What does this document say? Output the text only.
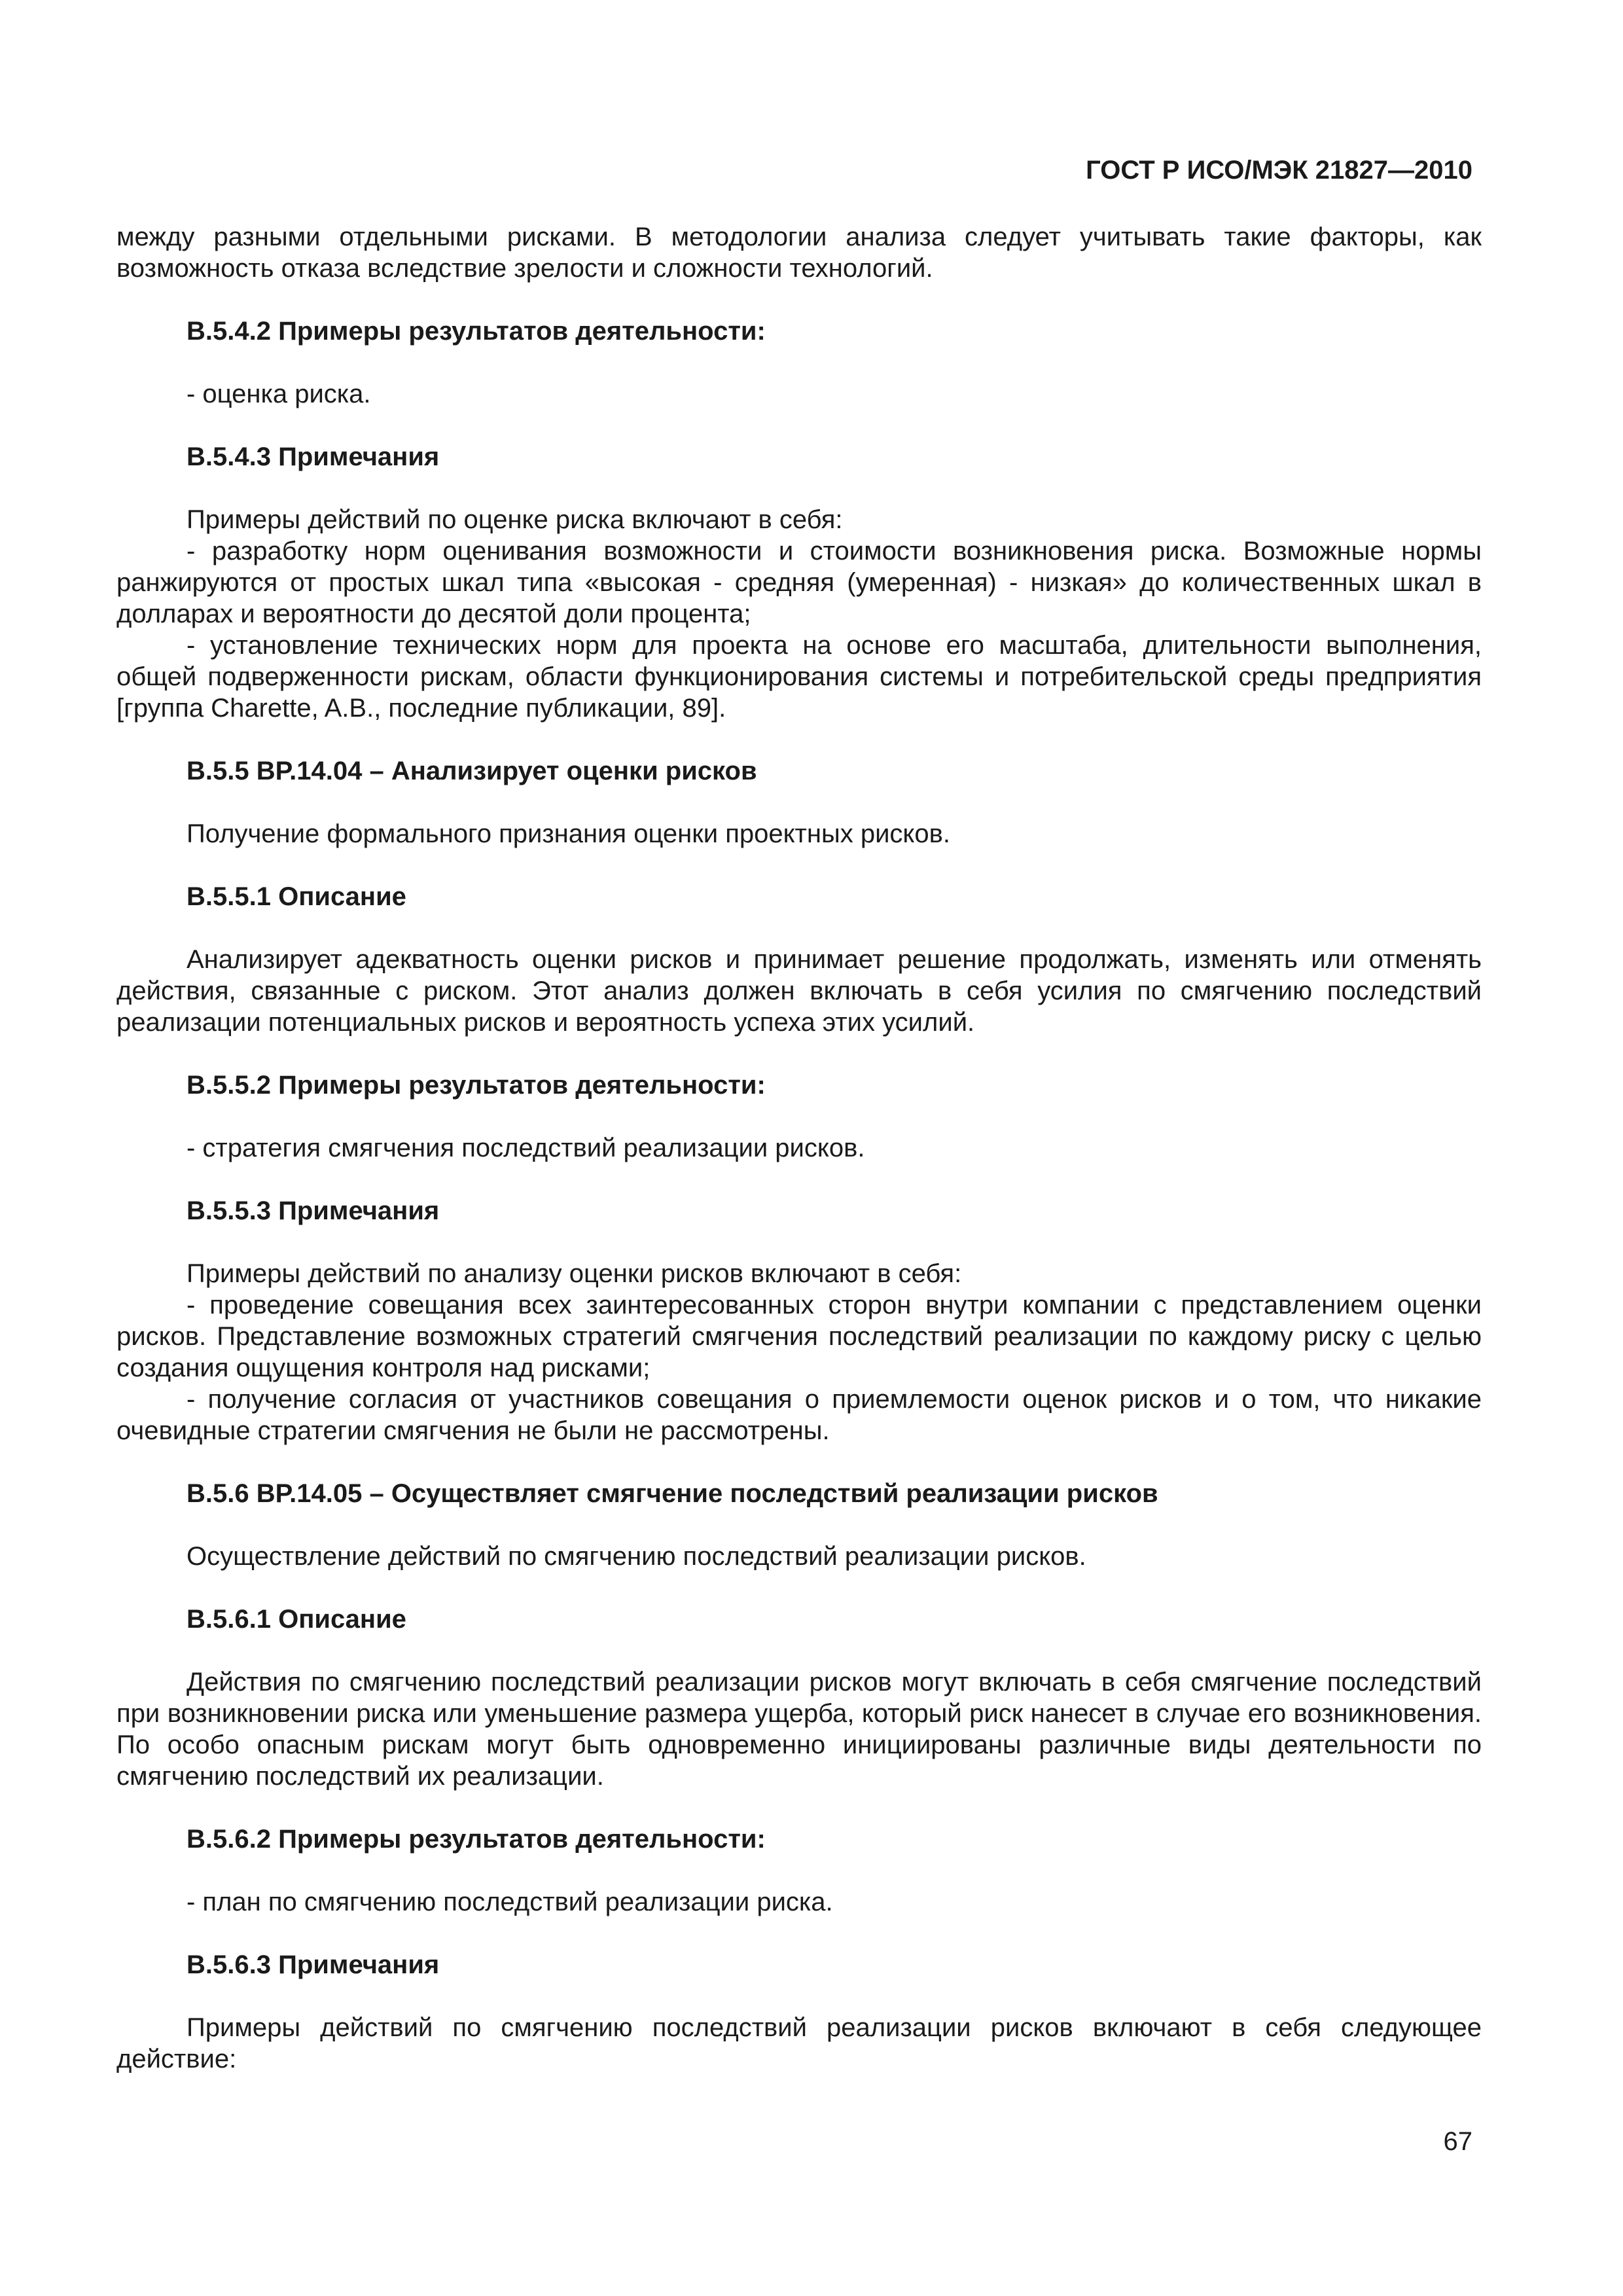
ГОСТ Р ИСО/МЭК 21827—2010

между разными отдельными рисками. В методологии анализа следует учитывать такие факторы, как возможность отказа вследствие зрелости и сложности технологий.

В.5.4.2 Примеры результатов деятельности:

- оценка риска.

В.5.4.3 Примечания

Примеры действий по оценке риска включают в себя:

- разработку норм оценивания возможности и стоимости возникновения риска. Возможные нормы ранжируются от простых шкал типа «высокая - средняя (умеренная) - низкая» до количественных шкал в долларах и вероятности до десятой доли процента;

- установление технических норм для проекта на основе его масштаба, длительности выполнения, общей подверженности рискам, области функционирования системы и потребительской среды предприятия [группа Charette, A.B., последние публикации, 89].

В.5.5 BP.14.04 – Анализирует оценки рисков

Получение формального признания оценки проектных рисков.

В.5.5.1 Описание

Анализирует адекватность оценки рисков и принимает решение продолжать, изменять или отменять действия, связанные с риском. Этот анализ должен включать в себя усилия по смягчению последствий реализации потенциальных рисков и вероятность успеха этих усилий.

В.5.5.2 Примеры результатов деятельности:

- стратегия смягчения последствий реализации рисков.

В.5.5.3 Примечания

Примеры действий по анализу оценки рисков включают в себя:

- проведение совещания всех заинтересованных сторон внутри компании с представлением оценки рисков. Представление возможных стратегий смягчения последствий реализации по каждому риску с целью создания ощущения контроля над рисками;

- получение согласия от участников совещания о приемлемости оценок рисков и о том, что никакие очевидные стратегии смягчения не были не рассмотрены.

В.5.6 BP.14.05 – Осуществляет смягчение последствий реализации рисков

Осуществление действий по смягчению последствий реализации рисков.

В.5.6.1 Описание

Действия по смягчению последствий реализации рисков могут включать в себя смягчение последствий при возникновении риска или уменьшение размера ущерба, который риск нанесет в случае его возникновения. По особо опасным рискам могут быть одновременно инициированы различные виды деятельности по смягчению последствий их реализации.

В.5.6.2 Примеры результатов деятельности:

- план по смягчению последствий реализации риска.

В.5.6.3 Примечания

Примеры действий по смягчению последствий реализации рисков включают в себя следующее действие:

67
